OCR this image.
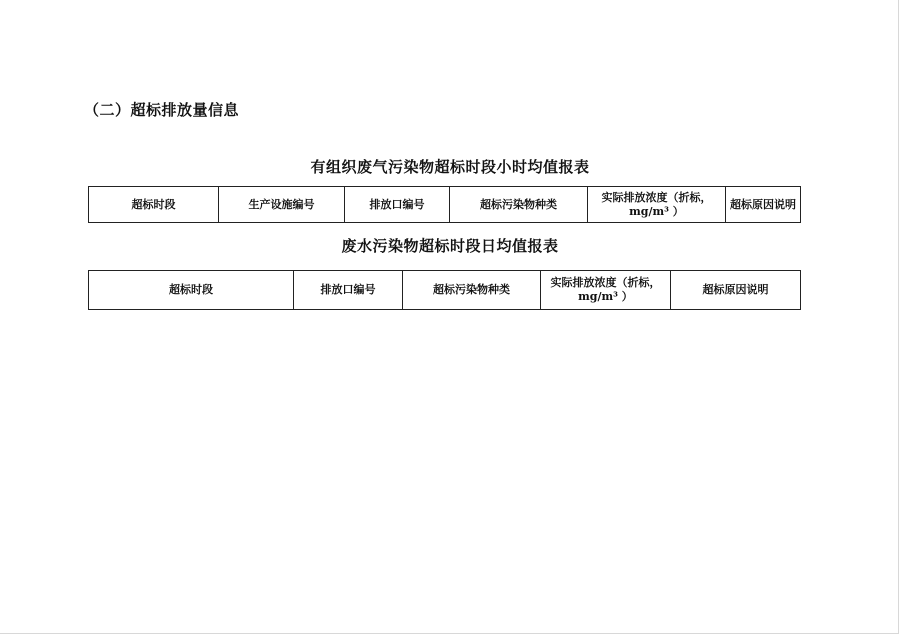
（二）超标排放量信息
有组织废气污染物超标时段小时均值报表
超标时段	生产设施编号	排放口编号	超标污染物种类	实际排放浓度（折标，
mg/m³ ）	超标原因说明
废水污染物超标时段日均值报表
超标时段	排放口编号	超标污染物种类	实际排放浓度（折标，
mg/m³ ）	超标原因说明
